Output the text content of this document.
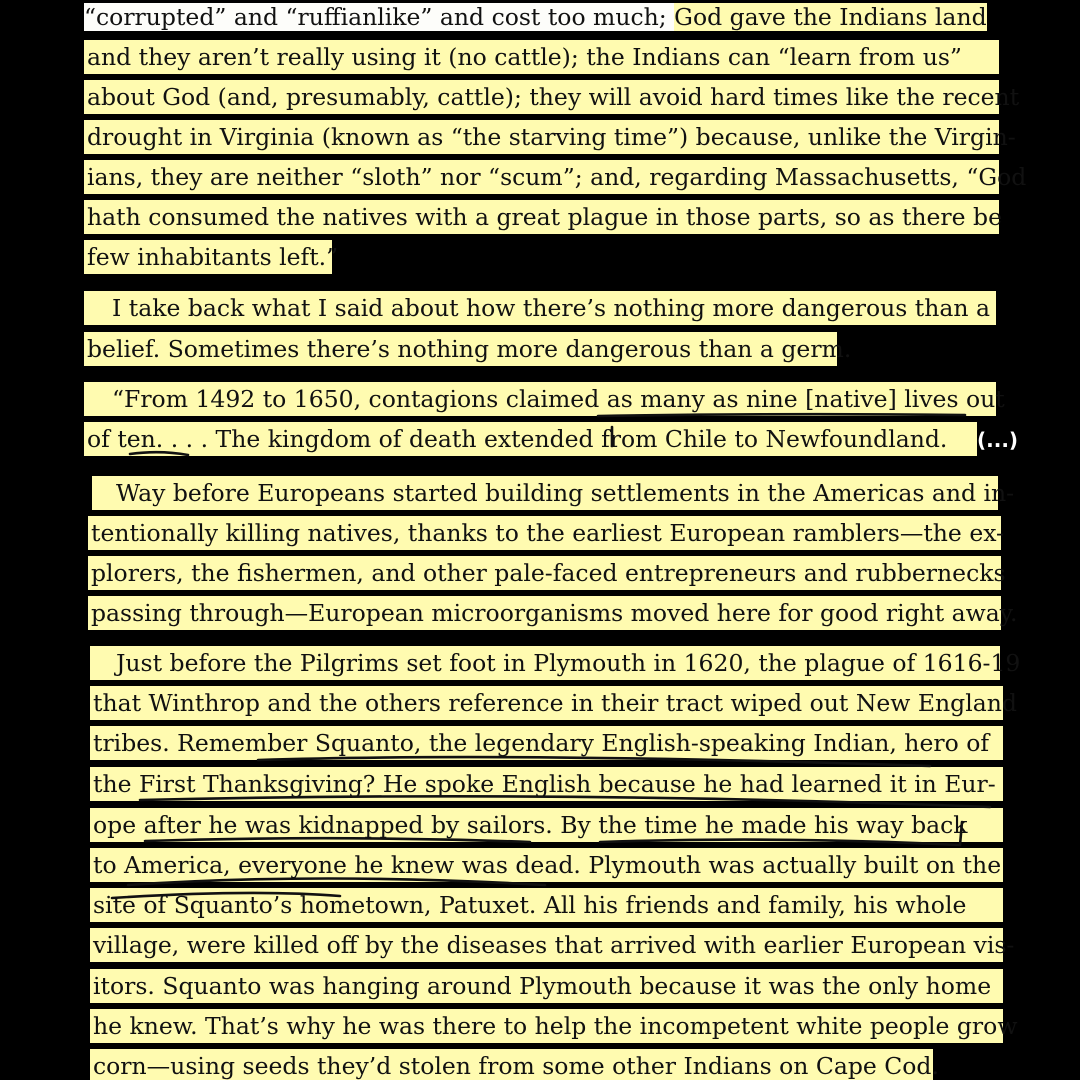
“corrupted” and “ruffianlike” and cost too much; God gave the Indians land

and they aren’t really using it (no cattle); the Indians can “learn from us”

about God (and, presumably, cattle); they will avoid hard times like the recent

drought in Virginia (known as “the starving time”) because, unlike the Virgin-

ians, they are neither “sloth” nor “scum”; and, regarding Massachusetts, “God

hath consumed the natives with a great plague in those parts, so as there be

few inhabitants left.”

I take back what I said about how there’s nothing more dangerous than a

belief. Sometimes there’s nothing more dangerous than a germ.

“From 1492 to 1650, contagions claimed as many as nine [native] lives out

of ten. . . . The kingdom of death extended from Chile to Newfoundland.

Way before Europeans started building settlements in the Americas and in-

tentionally killing natives, thanks to the earliest European ramblers—the ex-

plorers, the fishermen, and other pale-faced entrepreneurs and rubbernecks

passing through—European microorganisms moved here for good right away.

Just before the Pilgrims set foot in Plymouth in 1620, the plague of 1616-19

that Winthrop and the others reference in their tract wiped out New England

tribes. Remember Squanto, the legendary English-speaking Indian, hero of

the First Thanksgiving? He spoke English because he had learned it in Eur-

ope after he was kidnapped by sailors. By the time he made his way back

to America, everyone he knew was dead. Plymouth was actually built on the

site of Squanto’s hometown, Patuxet. All his friends and family, his whole

village, were killed off by the diseases that arrived with earlier European vis-

itors. Squanto was hanging around Plymouth because it was the only home

he knew. That’s why he was there to help the incompetent white people grow

corn—using seeds they’d stolen from some other Indians on Cape Cod.

(...)
